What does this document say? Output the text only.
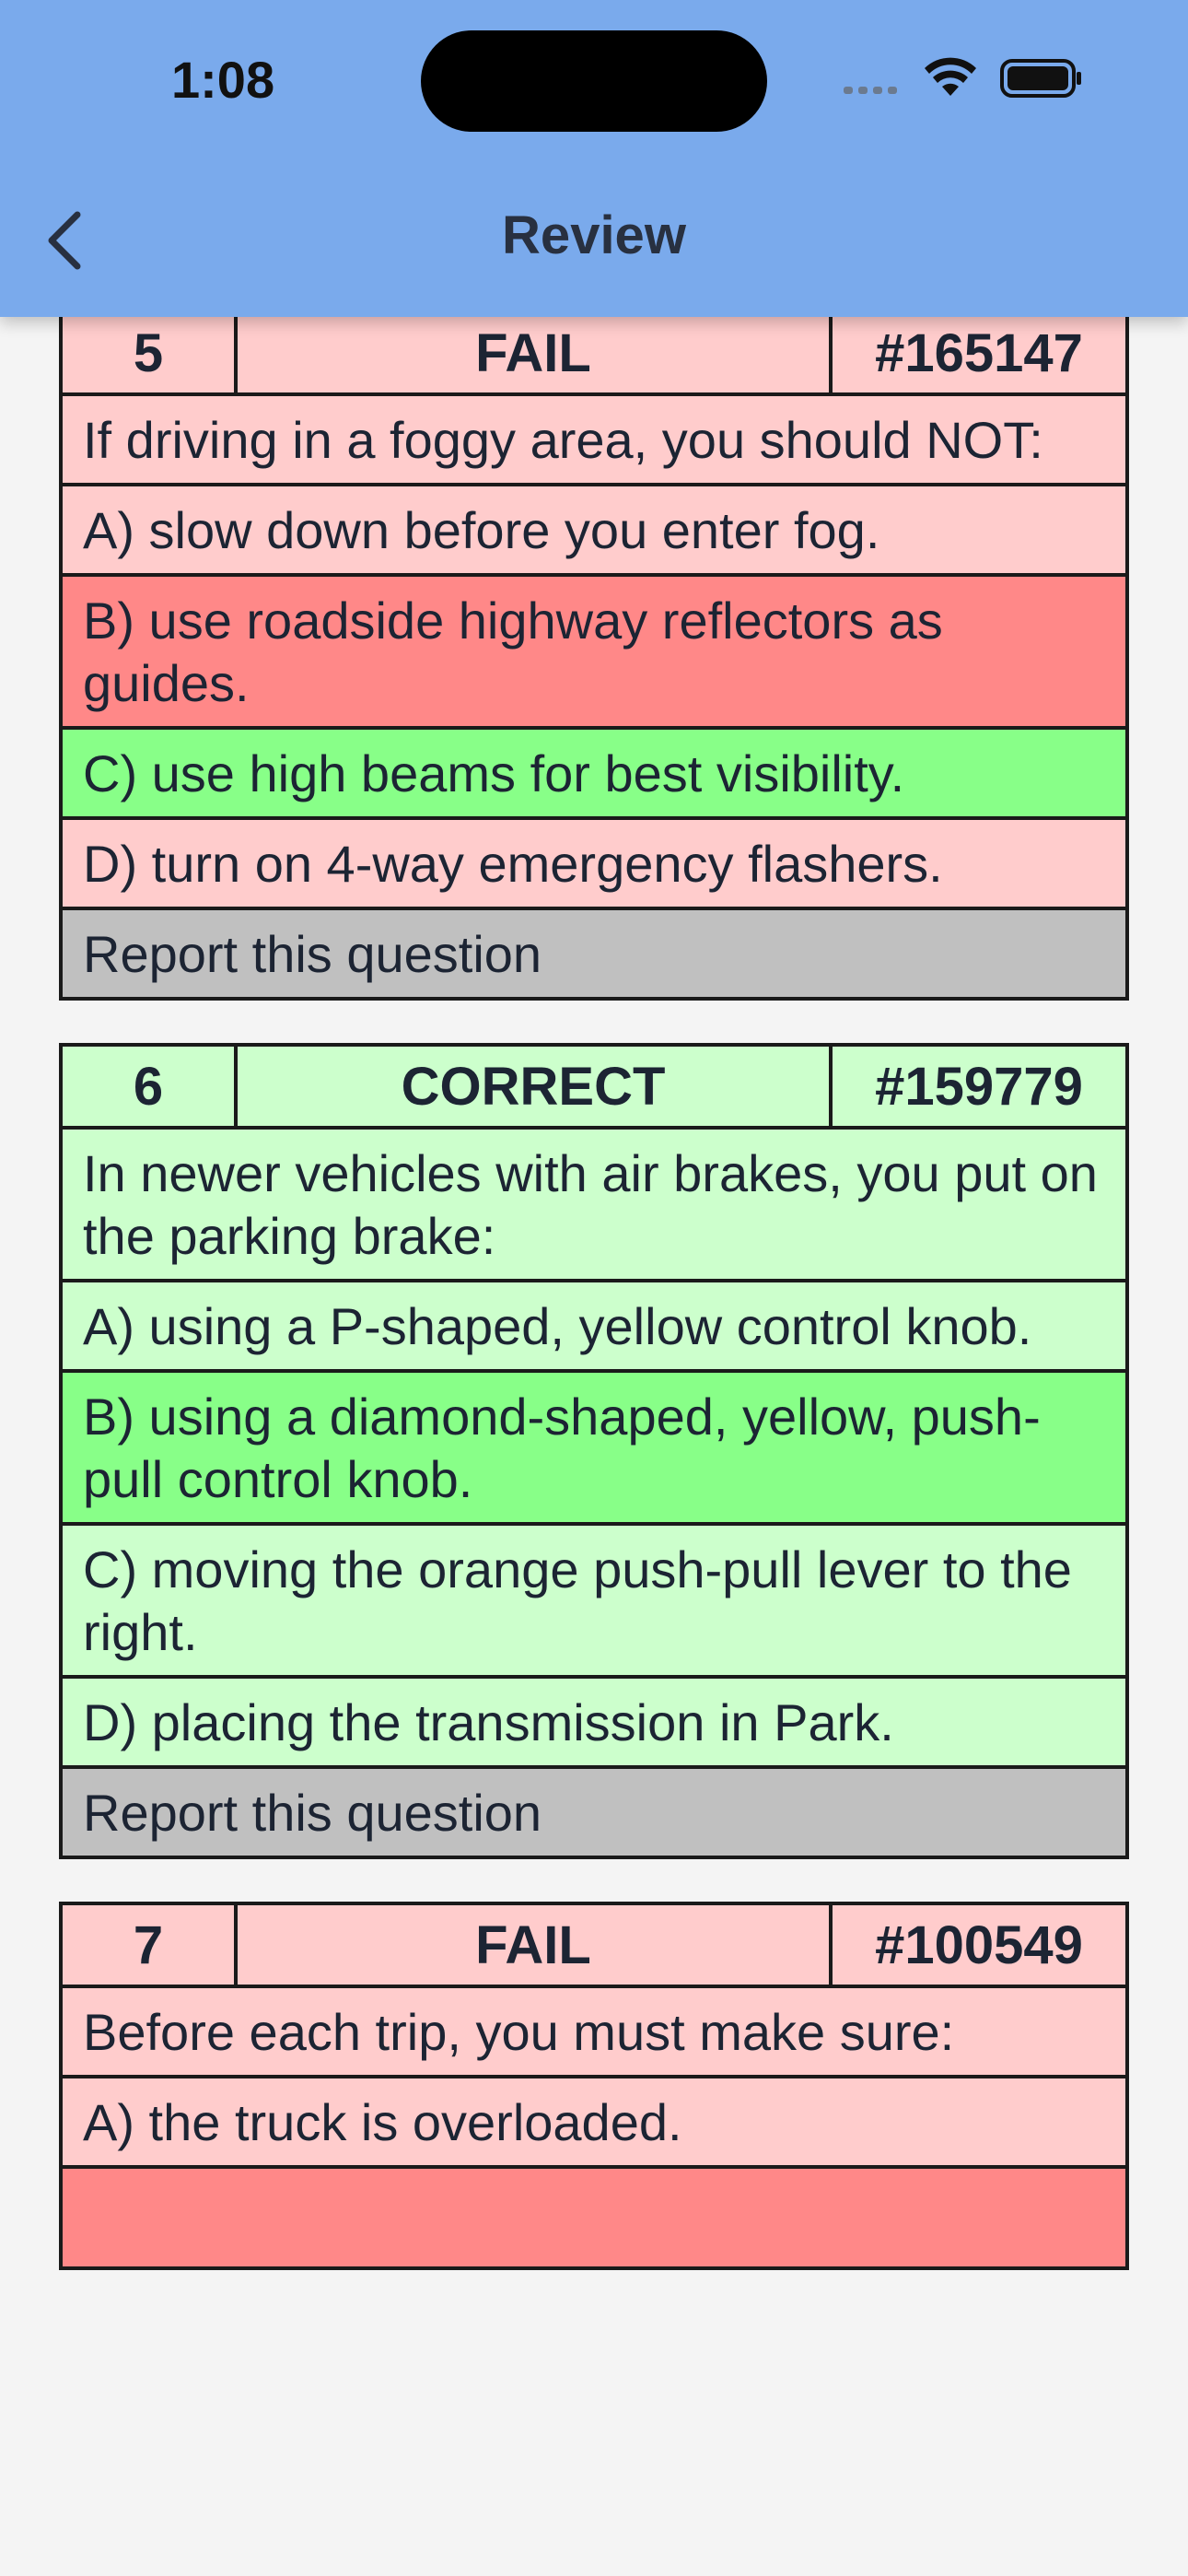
1:08
Review
5	FAIL	#165147
If driving in a foggy area, you should NOT:
A) slow down before you enter fog.
B) use roadside highway reflectors as guides.
C) use high beams for best visibility.
D) turn on 4-way emergency flashers.
Report this question
6	CORRECT	#159779
In newer vehicles with air brakes, you put on the parking brake:
A) using a P-shaped, yellow control knob.
B) using a diamond-shaped, yellow, push-pull control knob.
C) moving the orange push-pull lever to the right.
D) placing the transmission in Park.
Report this question
7	FAIL	#100549
Before each trip, you must make sure:
A) the truck is overloaded.
